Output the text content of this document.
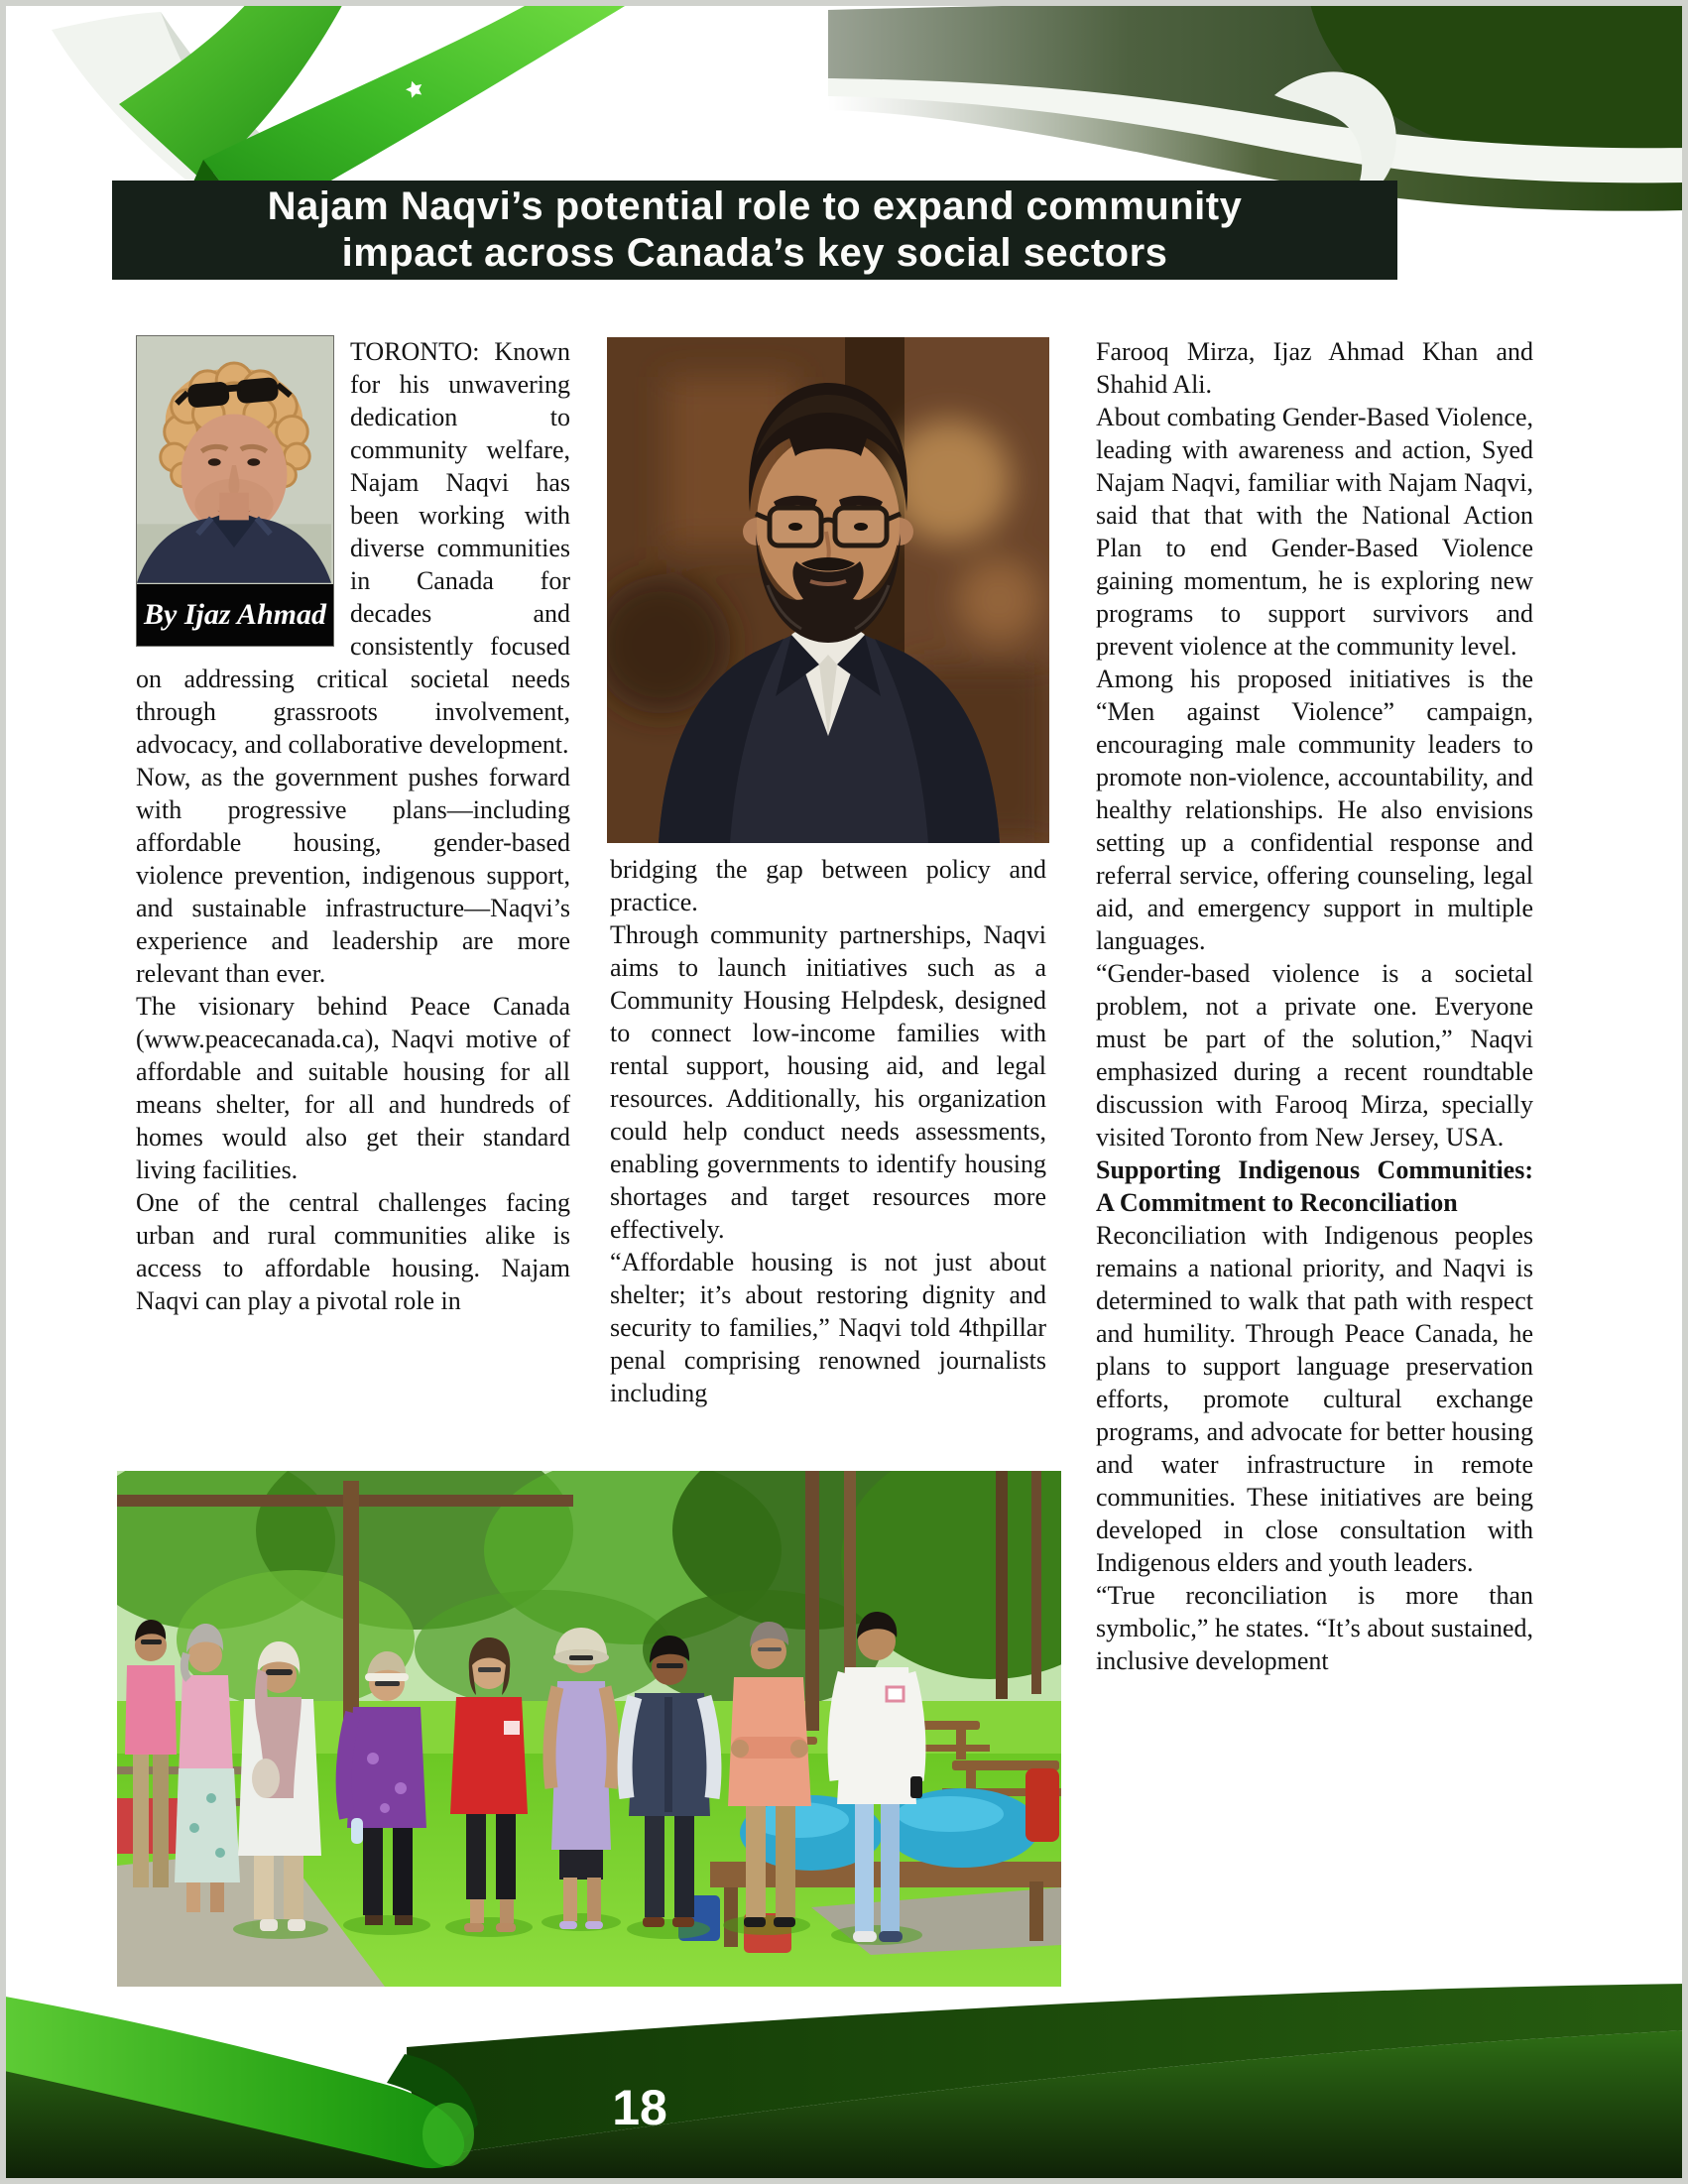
Najam Naqvi’s potential role to expand community
impact across Canada’s key social sectors
By Ijaz Ahmad

TORONTO: Known for his unwavering dedication to community welfare, Najam Naqvi has been working with diverse communities in Canada for decades and consistently focused on addressing critical societal needs through grassroots involvement, advocacy, and collaborative development.

Now, as the government pushes forward with progressive plans—including affordable housing, gender-based violence prevention, indigenous support, and sustainable infrastructure—Naqvi’s experience and leadership are more relevant than ever.

The visionary behind Peace Canada (www.peacecanada.ca), Naqvi motive of affordable and suitable housing for all means shelter, for all and hundreds of homes would also get their standard living facilities.

One of the central challenges facing urban and rural communities alike is access to affordable housing. Najam Naqvi can play a pivotal role in

bridging the gap between policy and practice.

Through community partnerships, Naqvi aims to launch initiatives such as a Community Housing Helpdesk, designed to connect low-income families with rental support, housing aid, and legal resources. Additionally, his organization could help conduct needs assessments, enabling governments to identify housing shortages and target resources more effectively.

“Affordable housing is not just about shelter; it’s about restoring dignity and security to families,” Naqvi told 4thpillar penal comprising renowned journalists including

Farooq Mirza, Ijaz Ahmad Khan and Shahid Ali.

About combating Gender-Based Violence, leading with awareness and action, Syed Najam Naqvi, familiar with Najam Naqvi, said that that with the National Action Plan to end Gender-Based Violence gaining momentum, he is exploring new programs to support survivors and prevent violence at the community level.

Among his proposed initiatives is the “Men against Violence” campaign, encouraging male community leaders to promote non-violence, accountability, and healthy relationships. He also envisions setting up a confidential response and referral service, offering counseling, legal aid, and emergency support in multiple languages.

“Gender-based violence is a societal problem, not a private one. Everyone must be part of the solution,” Naqvi emphasized during a recent roundtable discussion with Farooq Mirza, specially visited Toronto from New Jersey, USA.

Supporting Indigenous Communities: A Commitment to Reconciliation

Reconciliation with Indigenous peoples remains a national priority, and Naqvi is determined to walk that path with respect and humility. Through Peace Canada, he plans to support language preservation efforts, promote cultural exchange programs, and advocate for better housing and water infrastructure in remote communities. These initiatives are being developed in close consultation with Indigenous elders and youth leaders.

“True reconciliation is more than symbolic,” he states. “It’s about sustained, inclusive development

18
